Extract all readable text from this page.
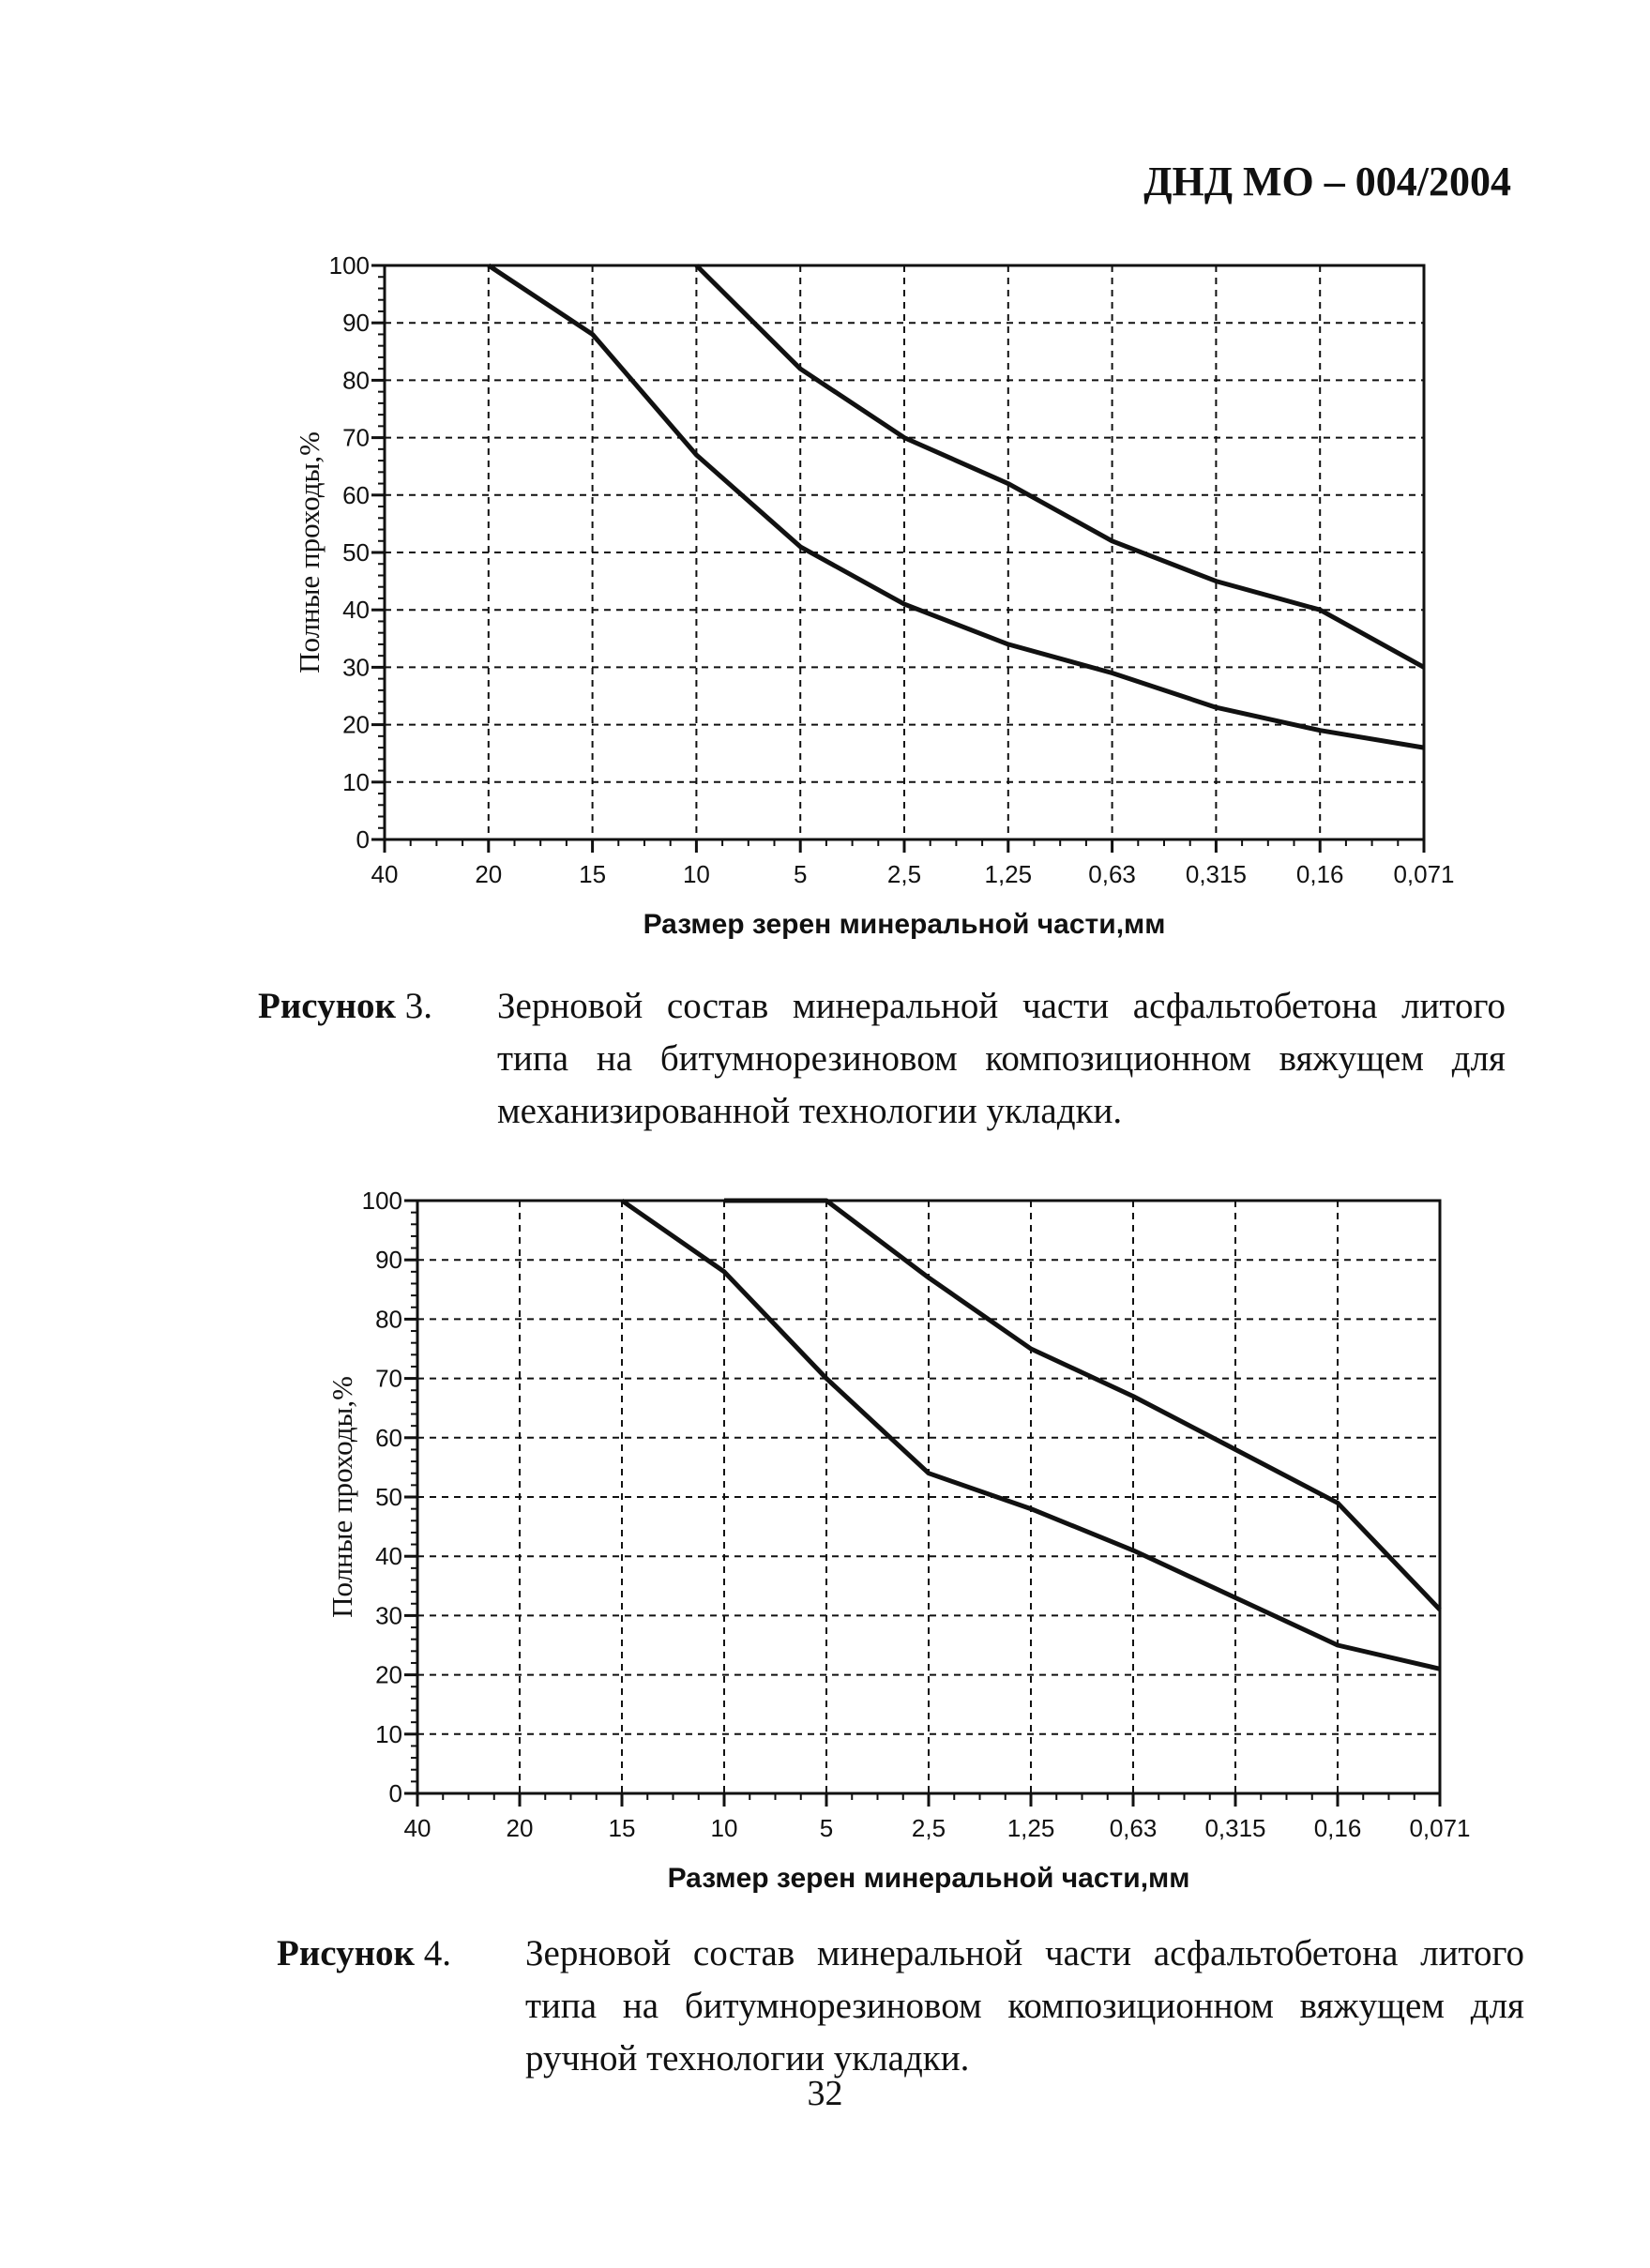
ДНД МО – 004/2004
0
10
20
30
40
50
60
70
80
90
100
40	20	15	10	5	2,5	1,25 0,63 0,315 0,16 0,071
Полные проходы,%
Размер зерен минеральной части,мм
Рисунок 3.	Зерновой состав минеральной части асфальтобетона литого типа на битумнорезиновом композиционном вяжущем для механизированной технологии укладки.
0
10
20
30
40
50
60
70
80
90
100
40	20	15	10	5	2,5	1,25 0,63 0,315 0,16 0,071
Полные проходы,%
Размер зерен минеральной части,мм
Рисунок 4.	Зерновой состав минеральной части асфальтобетона литого типа на битумнорезиновом композиционном вяжущем для ручной технологии укладки.
32
